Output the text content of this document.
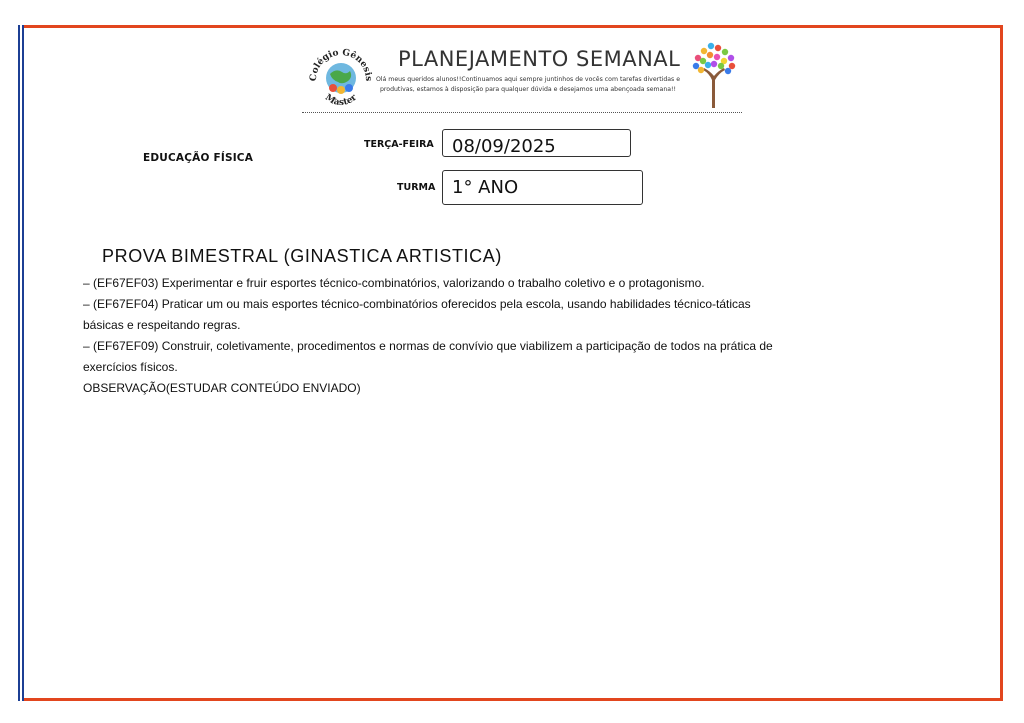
Colégio Gênesis
Master
PLANEJAMENTO SEMANAL
Olá meus queridos alunos!!Continuamos aqui sempre juntinhos de vocês com tarefas divertidas e produtivas, estamos à disposição para qualquer dúvida e desejamos uma abençoada semana!!
EDUCAÇÃO FÍSICA
TERÇA-FEIRA	08/09/2025
TURMA 1° ANO
PROVA BIMESTRAL (GINASTICA ARTISTICA)

– (EF67EF03) Experimentar e fruir esportes técnico-combinatórios, valorizando o trabalho coletivo e o protagonismo.

– (EF67EF04) Praticar um ou mais esportes técnico-combinatórios oferecidos pela escola, usando habilidades técnico-táticas

básicas e respeitando regras.

– (EF67EF09) Construir, coletivamente, procedimentos e normas de convívio que viabilizem a participação de todos na prática de

exercícios físicos.

OBSERVAÇÃO(ESTUDAR CONTEÚDO ENVIADO)
